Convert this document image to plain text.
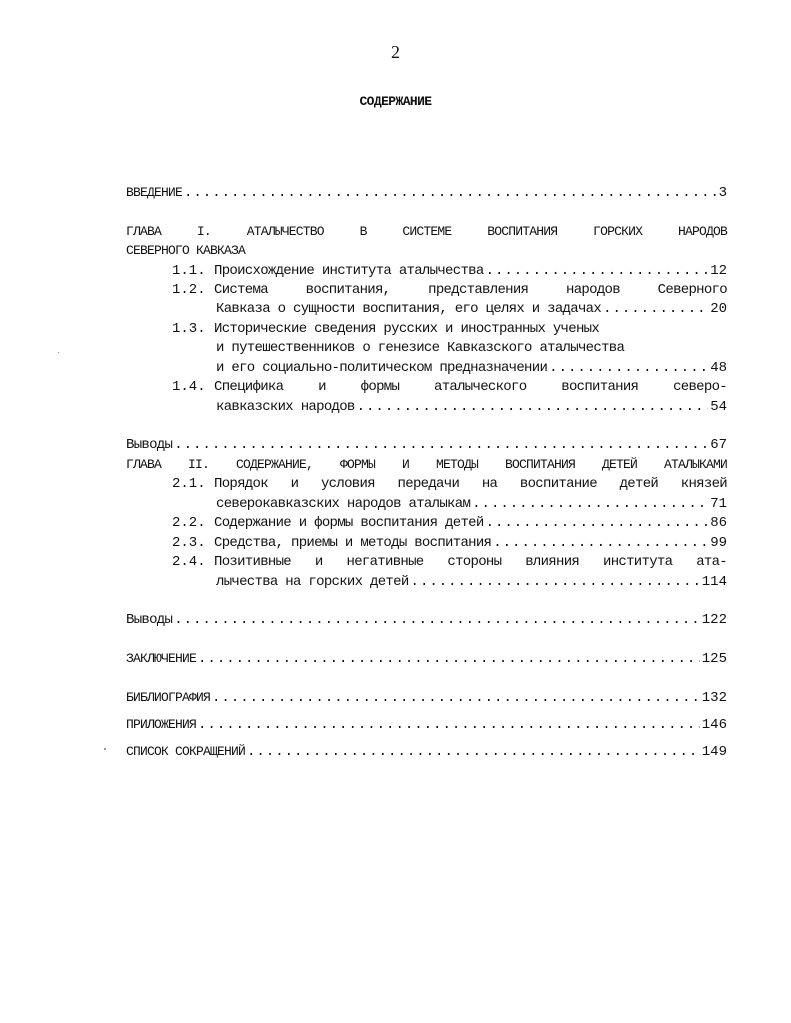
2
СОДЕРЖАНИЕ
ВВЕДЕНИЕ .....	3
ГЛАВА I. АТАЛЫЧЕСТВО В СИСТЕМЕ ВОСПИТАНИЯ ГОРСКИХ НАРОДОВ
СЕВЕРНОГО КАВКАЗА
1.1. Происхождение института аталычества .....	12
1.2. Система воспитания, представления народов Северного
Кавказа о сущности воспитания, его целях и задачах .....	20
1.3. Исторические сведения русских и иностранных ученых
и путешественников о генезисе Кавказского аталычества
и его социально-политическом предназначении .....	48
1.4. Специфика и формы аталыческого воспитания северо-
кавказских народов .....	54
Выводы .....	67
ГЛАВА II. СОДЕРЖАНИЕ, ФОРМЫ И МЕТОДЫ ВОСПИТАНИЯ ДЕТЕЙ АТАЛЫКАМИ
2.1. Порядок и условия передачи на воспитание детей князей
северокавказских народов аталыкам .....	71
2.2. Содержание и формы воспитания детей .....	86
2.3. Средства, приемы и методы воспитания .....	99
2.4. Позитивные и негативные стороны влияния института ата-
лычества на горских детей .....	114
Выводы .....	122
ЗАКЛЮЧЕНИЕ .....	125
БИБЛИОГРАФИЯ .....	132
ПРИЛОЖЕНИЯ .....	146
СПИСОК СОКРАЩЕНИЙ .....	149
